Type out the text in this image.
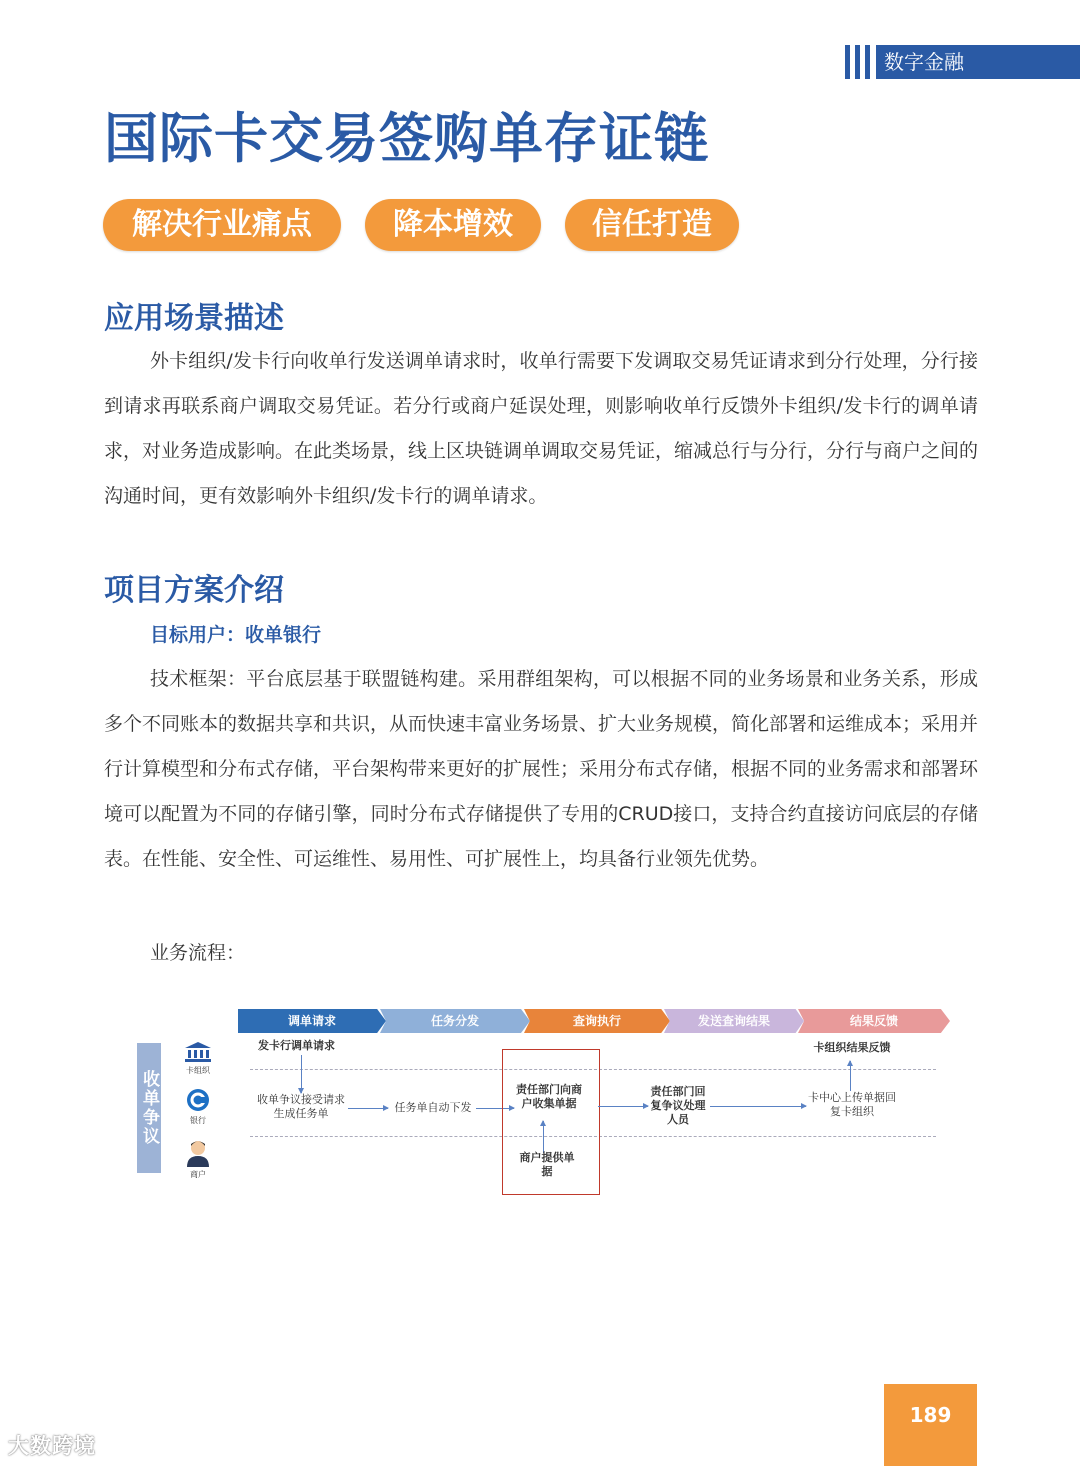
数字金融
国际卡交易签购单存证链
解决行业痛点	降本增效	信任打造
应用场景描述

外卡组织/发卡行向收单行发送调单请求时，收单行需要下发调取交易凭证请求到分行处理，分行接到请求再联系商户调取交易凭证。若分行或商户延误处理，则影响收单行反馈外卡组织/发卡行的调单请求，对业务造成影响。在此类场景，线上区块链调单调取交易凭证，缩减总行与分行，分行与商户之间的沟通时间，更有效影响外卡组织/发卡行的调单请求。

项目方案介绍
目标用户：收单银行

技术框架：平台底层基于联盟链构建。采用群组架构，可以根据不同的业务场景和业务关系，形成多个不同账本的数据共享和共识，从而快速丰富业务场景、扩大业务规模，简化部署和运维成本；采用并行计算模型和分布式存储，平台架构带来更好的扩展性；采用分布式存储，根据不同的业务需求和部署环境可以配置为不同的存储引擎，同时分布式存储提供了专用的CRUD接口，支持合约直接访问底层的存储表。在性能、安全性、可运维性、易用性、可扩展性上，均具备行业领先优势。

业务流程：
收单争议	卡组织
银行
商户
调单请求	任务分发	查询执行	发送查询结果	结果反馈
发卡行调单请求
收单争议接受请求生成任务单	任务单自动下发
责任部门向商户收集单据
商户提供单据
责任部门回复争议处理人员
卡中心上传单据回复卡组织
卡组织结果反馈
189
大数跨境
